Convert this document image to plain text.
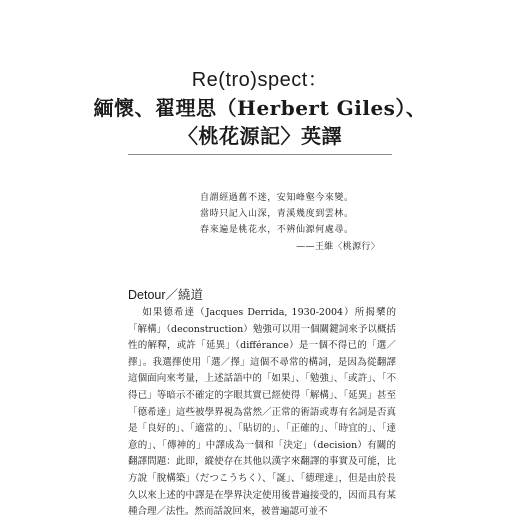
Re(tro)spect：
緬懷、翟理思（Herbert Giles）、
〈桃花源記〉英譯
自謂經過舊不迷，安知峰壑今來變。
當時只記入山深，青溪幾度到雲林。
春來遍是桃花水，不辨仙源何處尋。
——王維〈桃源行〉
Detour／繞道

如果德希達（Jacques Derrida, 1930-2004）所揭櫫的「解構」（deconstruction）勉強可以用一個關鍵詞來予以概括性的解釋，或許「延異」（différance）是一個不得已的「選／擇」。我選擇使用「選／擇」這個不尋常的構詞，是因為從翻譯這個面向來考量，上述話語中的「如果」、「勉強」、「或許」、「不得已」等暗示不確定的字眼其實已經使得「解構」、「延異」甚至「德希達」這些被學界視為當然／正常的術語或專有名詞是否真是「良好的」、「適當的」、「貼切的」、「正確的」、「時宜的」、「達意的」、「傳神的」中譯成為一個和「決定」（decision）有關的翻譯問題：此即，縱使存在其他以漢字來翻譯的事實及可能，比方說「脫構築」（だつこうちく）、「誕」、「德理達」，但是由於長久以來上述的中譯是在學界決定使用後普遍接受的，因而具有某種合理／法性。然而話說回來，被普遍認可並不
